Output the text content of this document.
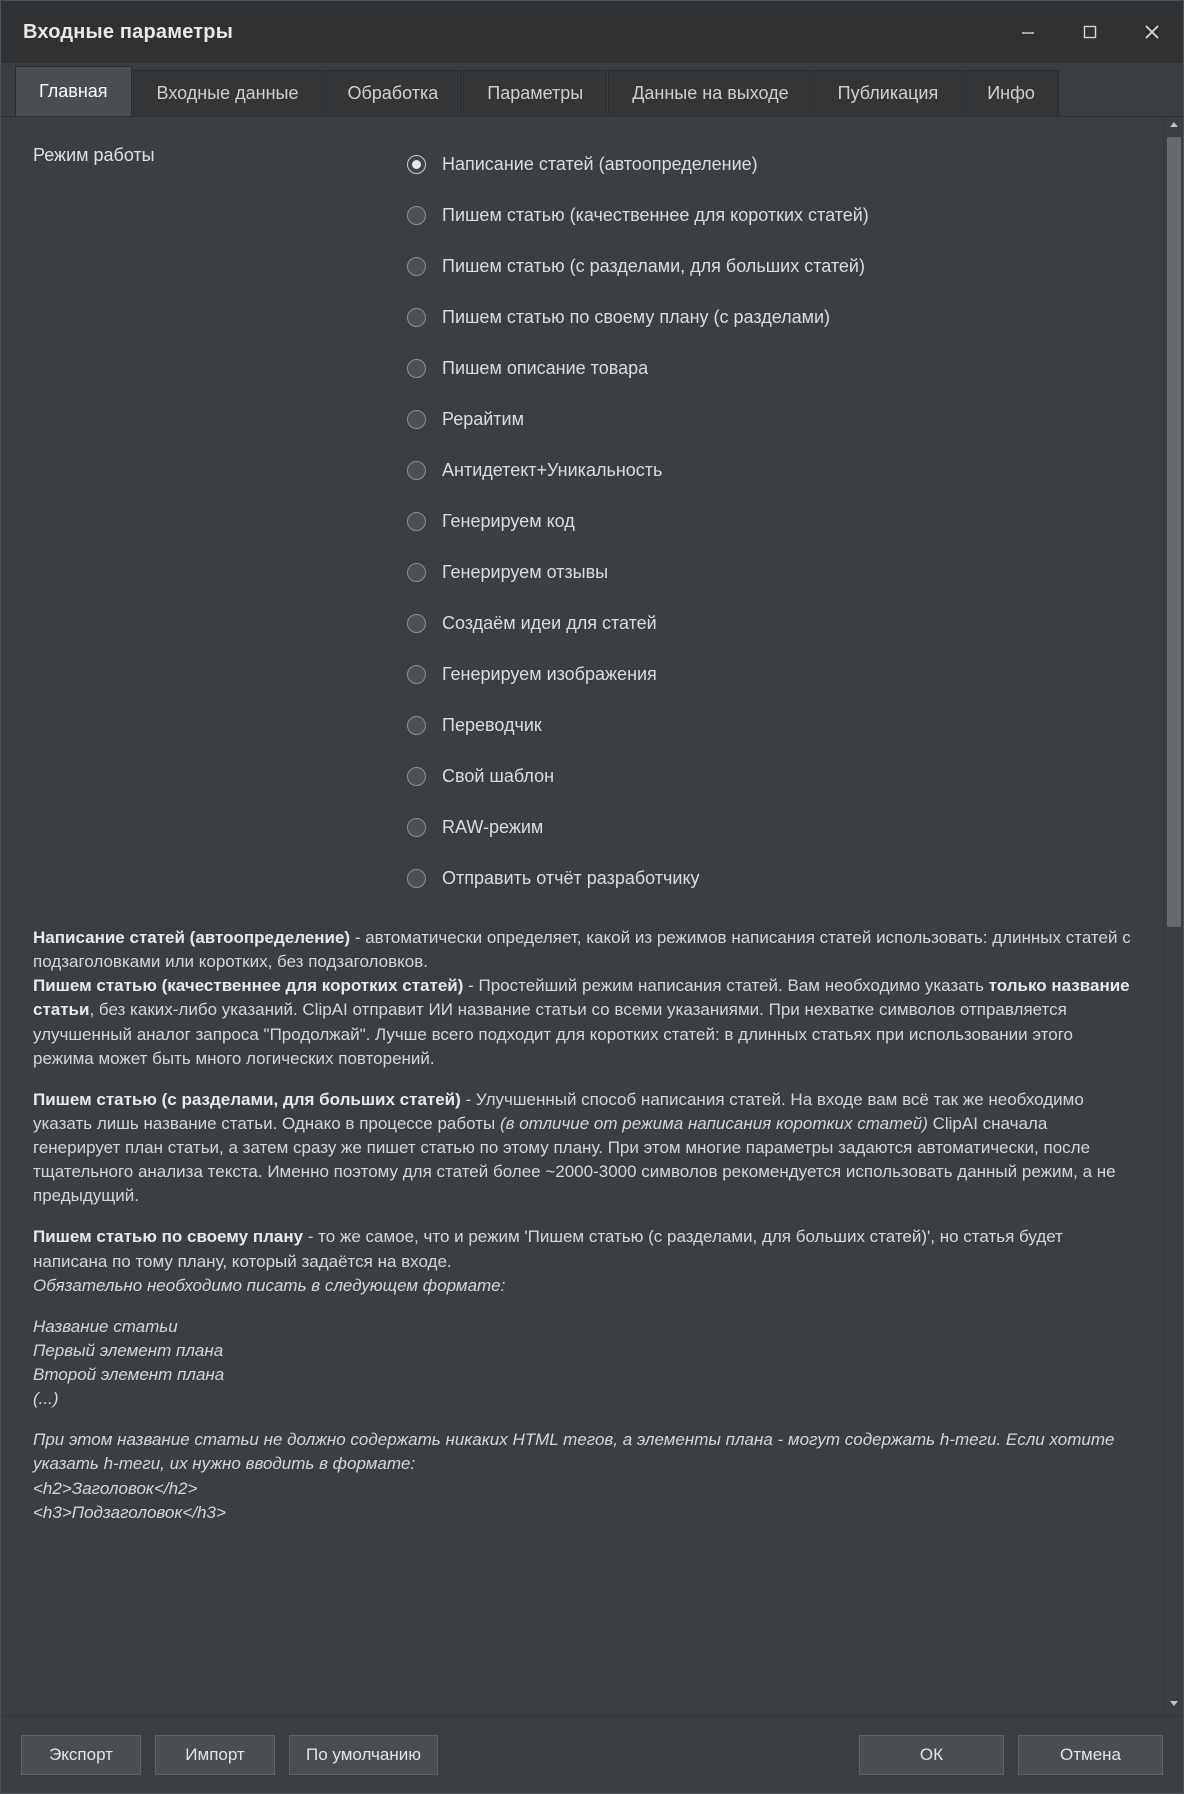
Входные параметры
Главная	Входные данные	Обработка	Параметры	Данные на выходе	Публикация	Инфо
Режим работы	Написание статей (автоопределение)
Пишем статью (качественнее для коротких статей)
Пишем статью (с разделами, для больших статей)
Пишем статью по своему плану (с разделами)
Пишем описание товара
Рерайтим
Антидетект+Уникальность
Генерируем код
Генерируем отзывы
Создаём идеи для статей
Генерируем изображения
Переводчик
Свой шаблон
RAW-режим
Отправить отчёт разработчику

Написание статей (автоопределение) - автоматически определяет, какой из режимов написания статей использовать: длинных статей с подзаголовками или коротких, без подзаголовков.

Пишем статью (качественнее для коротких статей) - Простейший режим написания статей. Вам необходимо указать только название статьи, без каких-либо указаний. ClipAI отправит ИИ название статьи со всеми указаниями. При нехватке символов отправляется улучшенный аналог запроса "Продолжай". Лучше всего подходит для коротких статей: в длинных статьях при использовании этого режима может быть много логических повторений.

Пишем статью (с разделами, для больших статей) - Улучшенный способ написания статей. На входе вам всё так же необходимо указать лишь название статьи. Однако в процессе работы (в отличие от режима написания коротких статей) ClipAI сначала генерирует план статьи, а затем сразу же пишет статью по этому плану. При этом многие параметры задаются автоматически, после тщательного анализа текста. Именно поэтому для статей более ~2000-3000 символов рекомендуется использовать данный режим, а не предыдущий.

Пишем статью по своему плану - то же самое, что и режим 'Пишем статью (с разделами, для больших статей)', но статья будет написана по тому плану, который задаётся на входе.
Обязательно необходимо писать в следующем формате:

Название статьи
Первый элемент плана
Второй элемент плана
(...)

При этом название статьи не должно содержать никаких HTML тегов, а элементы плана - могут содержать h-теги. Если хотите указать h-теги, их нужно вводить в формате:
<h2>Заголовок</h2>
<h3>Подзаголовок</h3>

Экспорт	Импорт	По умолчанию	ОК	Отмена
